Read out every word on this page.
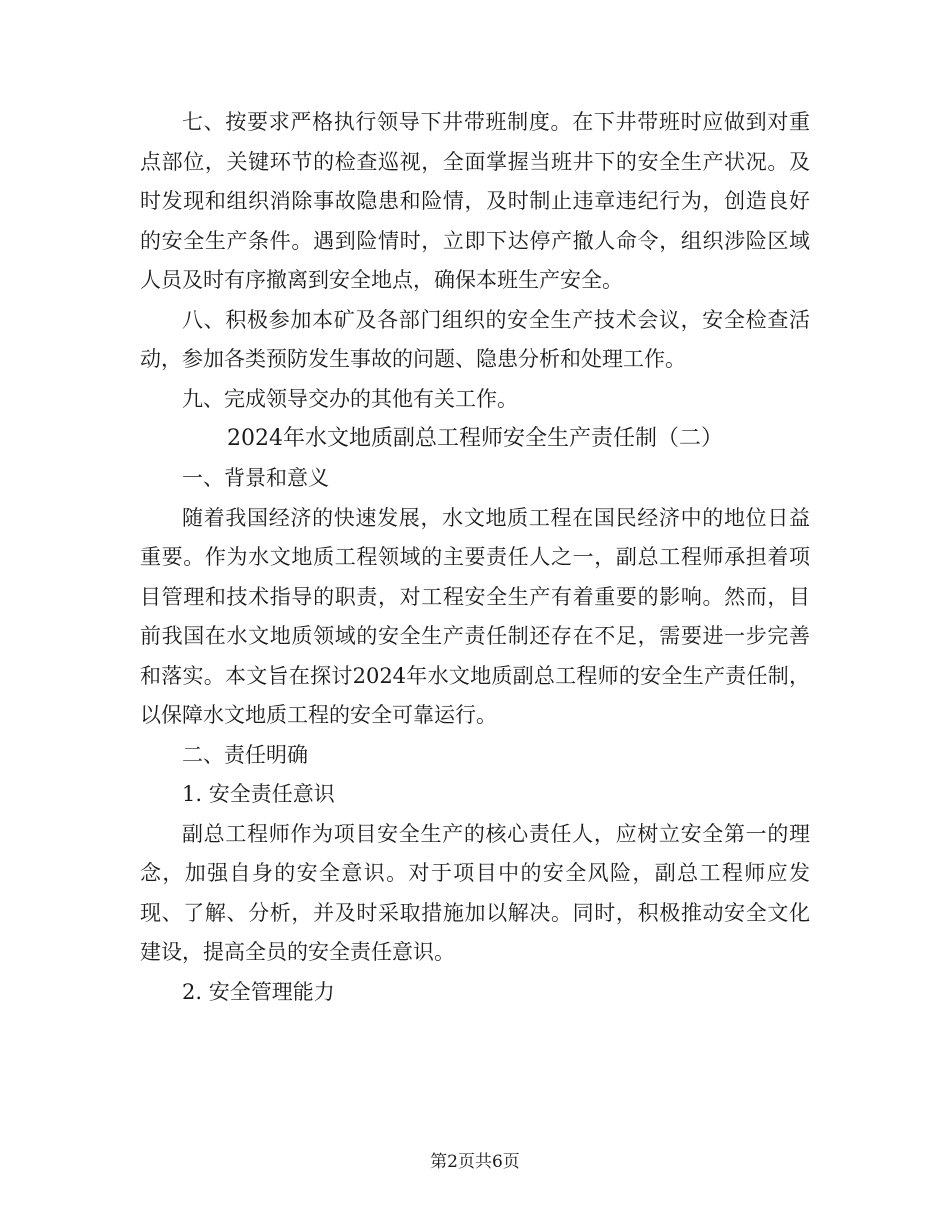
七、按要求严格执行领导下井带班制度。在下井带班时应做到对重点部位，关键环节的检查巡视，全面掌握当班井下的安全生产状况。及时发现和组织消除事故隐患和险情，及时制止违章违纪行为，创造良好的安全生产条件。遇到险情时，立即下达停产撤人命令，组织涉险区域人员及时有序撤离到安全地点，确保本班生产安全。

八、积极参加本矿及各部门组织的安全生产技术会议，安全检查活动，参加各类预防发生事故的问题、隐患分析和处理工作。

九、完成领导交办的其他有关工作。

2024年水文地质副总工程师安全生产责任制（二）

一、背景和意义

随着我国经济的快速发展，水文地质工程在国民经济中的地位日益重要。作为水文地质工程领域的主要责任人之一，副总工程师承担着项目管理和技术指导的职责，对工程安全生产有着重要的影响。然而，目前我国在水文地质领域的安全生产责任制还存在不足，需要进一步完善和落实。本文旨在探讨2024年水文地质副总工程师的安全生产责任制，以保障水文地质工程的安全可靠运行。

二、责任明确

1. 安全责任意识

副总工程师作为项目安全生产的核心责任人，应树立安全第一的理念，加强自身的安全意识。对于项目中的安全风险，副总工程师应发现、了解、分析，并及时采取措施加以解决。同时，积极推动安全文化建设，提高全员的安全责任意识。

2. 安全管理能力

第2页共6页
